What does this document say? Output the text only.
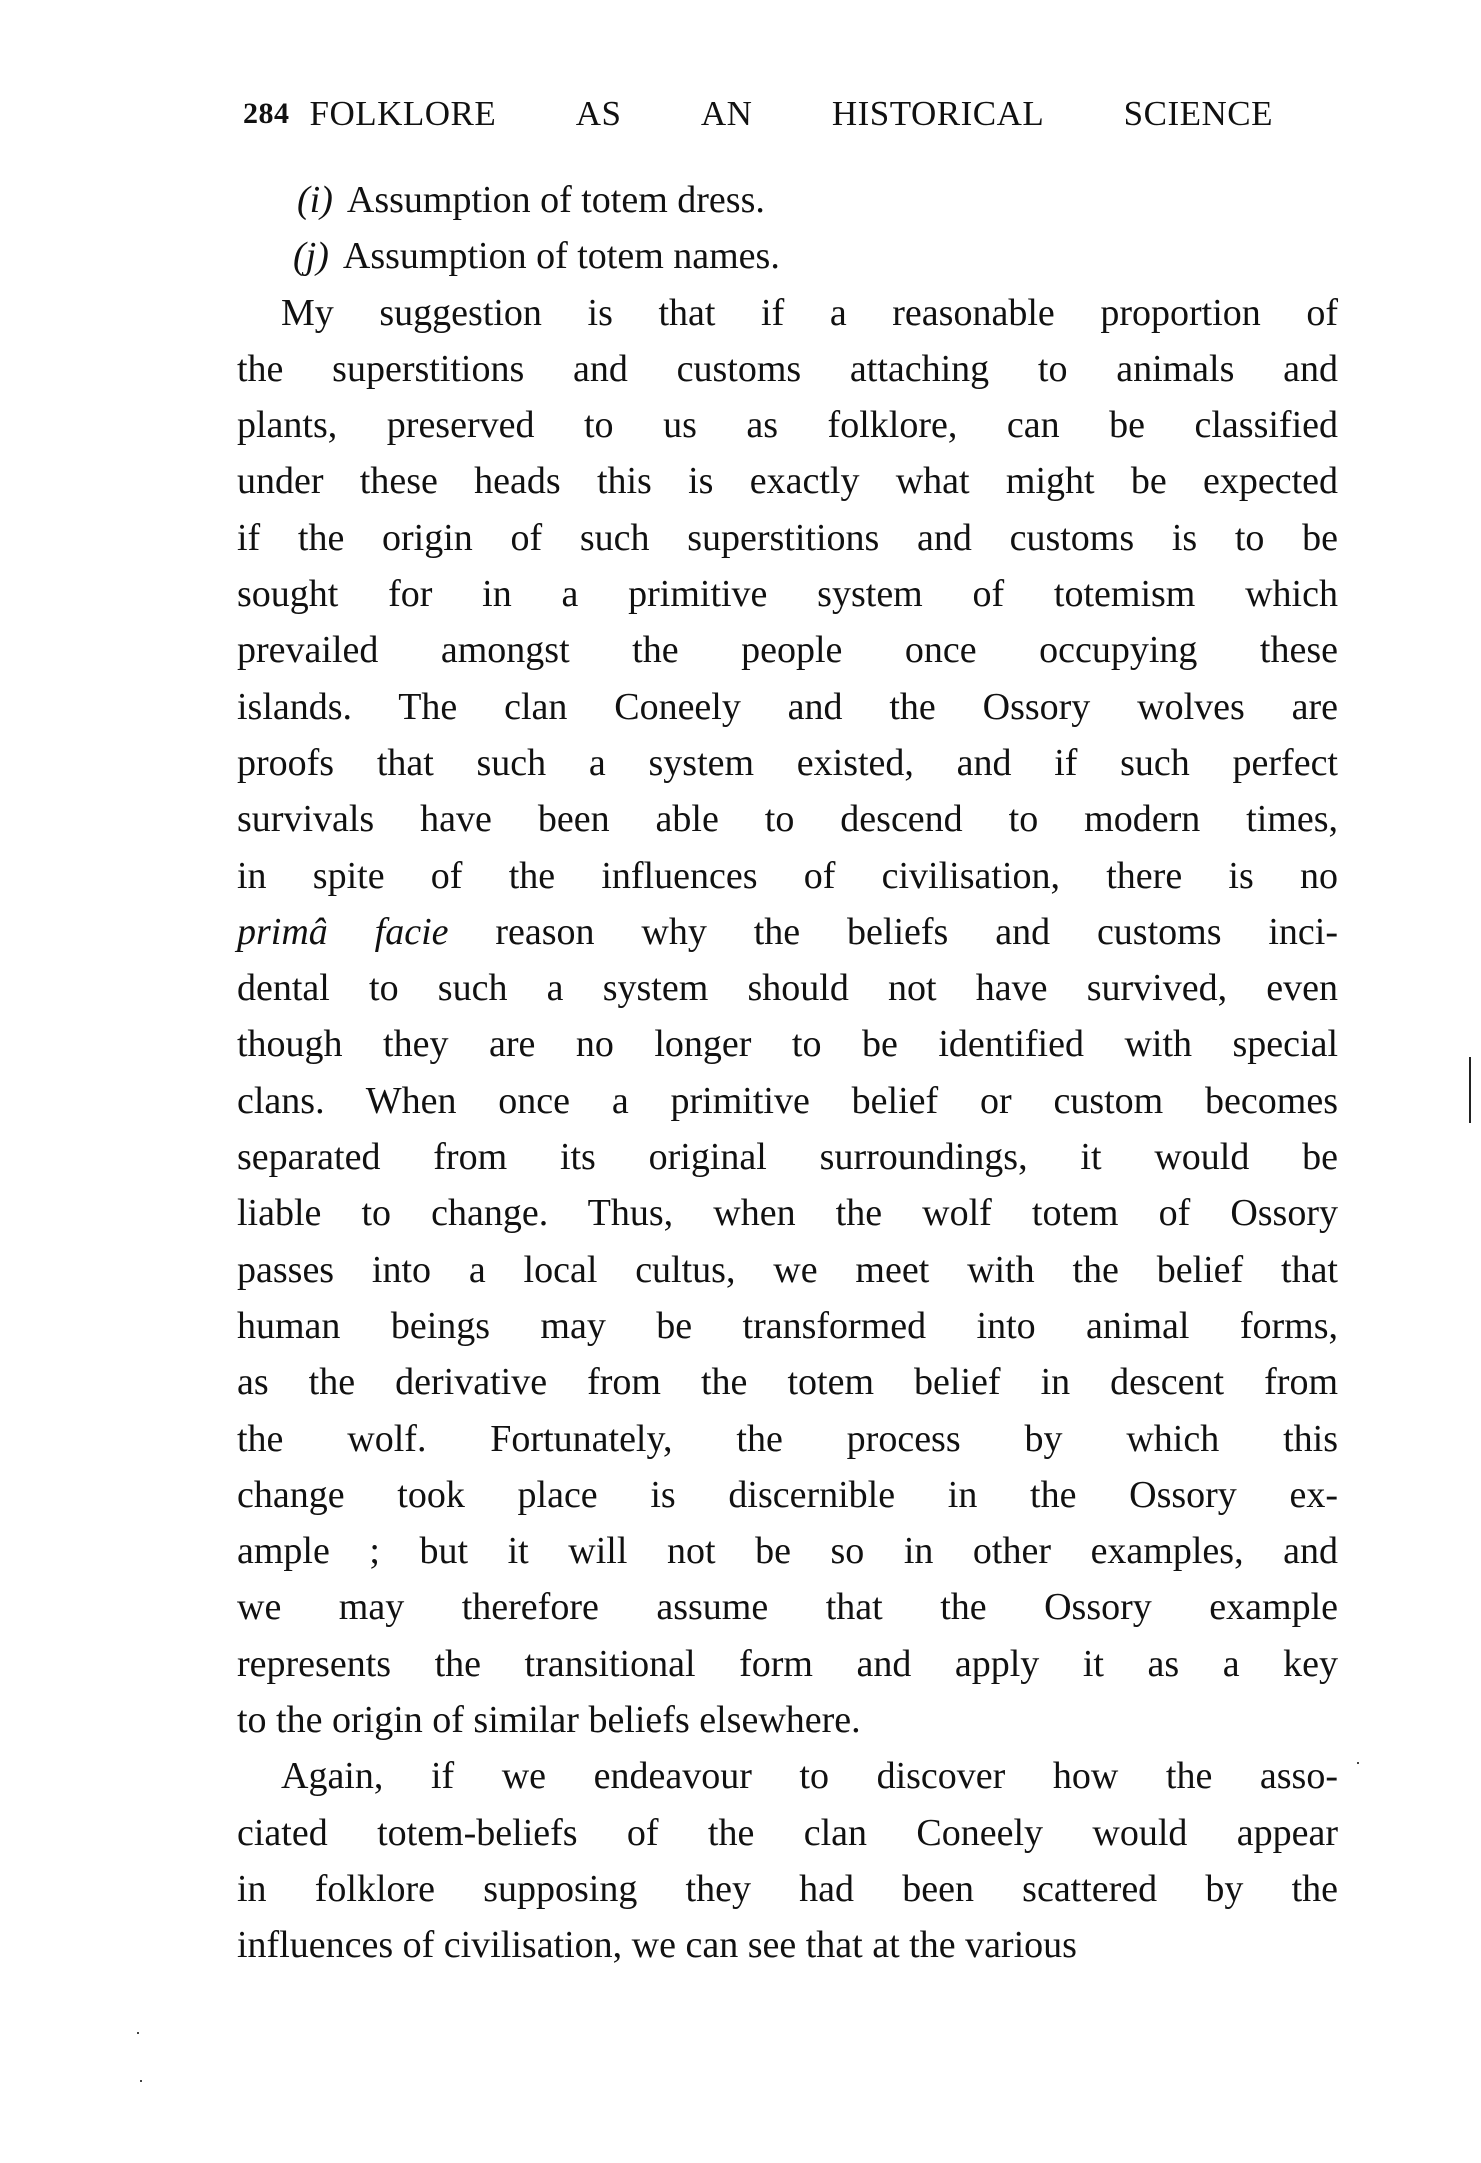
284 FOLKLORE AS AN HISTORICAL SCIENCE
(i) Assumption of totem dress.
(j) Assumption of totem names.
My suggestion is that if a reasonable proportion of
the superstitions and customs attaching to animals and
plants, preserved to us as folklore, can be classified
under these heads this is exactly what might be expected
if the origin of such superstitions and customs is to be
sought for in a primitive system of totemism which
prevailed amongst the people once occupying these
islands. The clan Coneely and the Ossory wolves are
proofs that such a system existed, and if such perfect
survivals have been able to descend to modern times,
in spite of the influences of civilisation, there is no
primâ facie reason why the beliefs and customs inci-
dental to such a system should not have survived, even
though they are no longer to be identified with special
clans. When once a primitive belief or custom becomes
separated from its original surroundings, it would be
liable to change. Thus, when the wolf totem of Ossory
passes into a local cultus, we meet with the belief that
human beings may be transformed into animal forms,
as the derivative from the totem belief in descent from
the wolf. Fortunately, the process by which this
change took place is discernible in the Ossory ex-
ample ; but it will not be so in other examples, and
we may therefore assume that the Ossory example
represents the transitional form and apply it as a key
to the origin of similar beliefs elsewhere.
Again, if we endeavour to discover how the asso-
ciated totem-beliefs of the clan Coneely would appear
in folklore supposing they had been scattered by the
influences of civilisation, we can see that at the various
